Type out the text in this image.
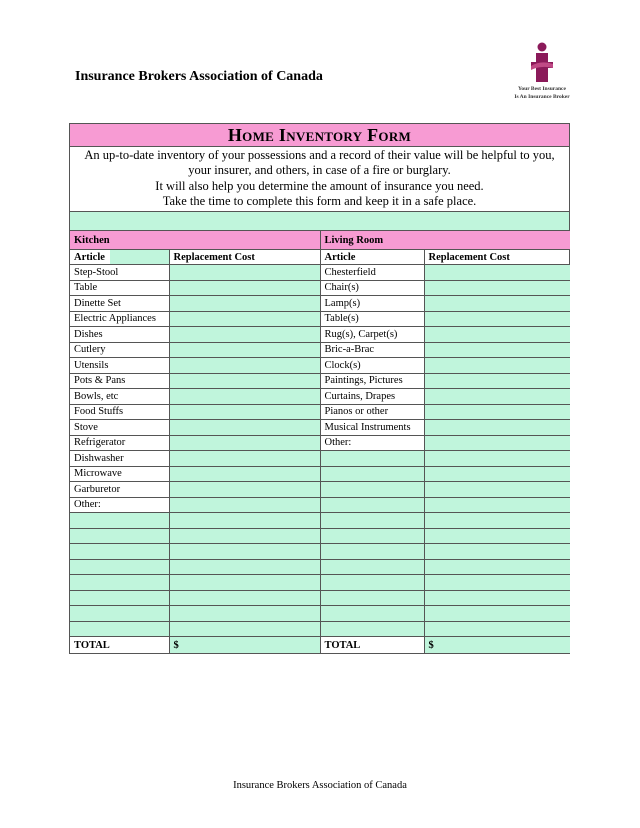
Insurance Brokers Association of Canada
Your Best Insurance
Is An Insurance Broker
Home Inventory Form
An up-to-date inventory of your possessions and a record of their value will be helpful to you,
your insurer, and others, in case of a fire or burglary.
It will also help you determine the amount of insurance you need.
Take the time to complete this form and keep it in a safe place.
Kitchen		Living Room	
Article	Replacement Cost	Article	Replacement Cost
Step-Stool		Chesterfield	
Table		Chair(s)	
Dinette Set		Lamp(s)	
Electric Appliances		Table(s)	
Dishes		Rug(s), Carpet(s)	
Cutlery		Bric-a-Brac	
Utensils		Clock(s)	
Pots & Pans		Paintings, Pictures	
Bowls, etc		Curtains, Drapes	
Food Stuffs		Pianos or other	
Stove		Musical Instruments	
Refrigerator		Other:	
Dishwasher			
Microwave			
Garburetor			
Other:			

TOTAL	$	TOTAL	$
Insurance Brokers Association of Canada
